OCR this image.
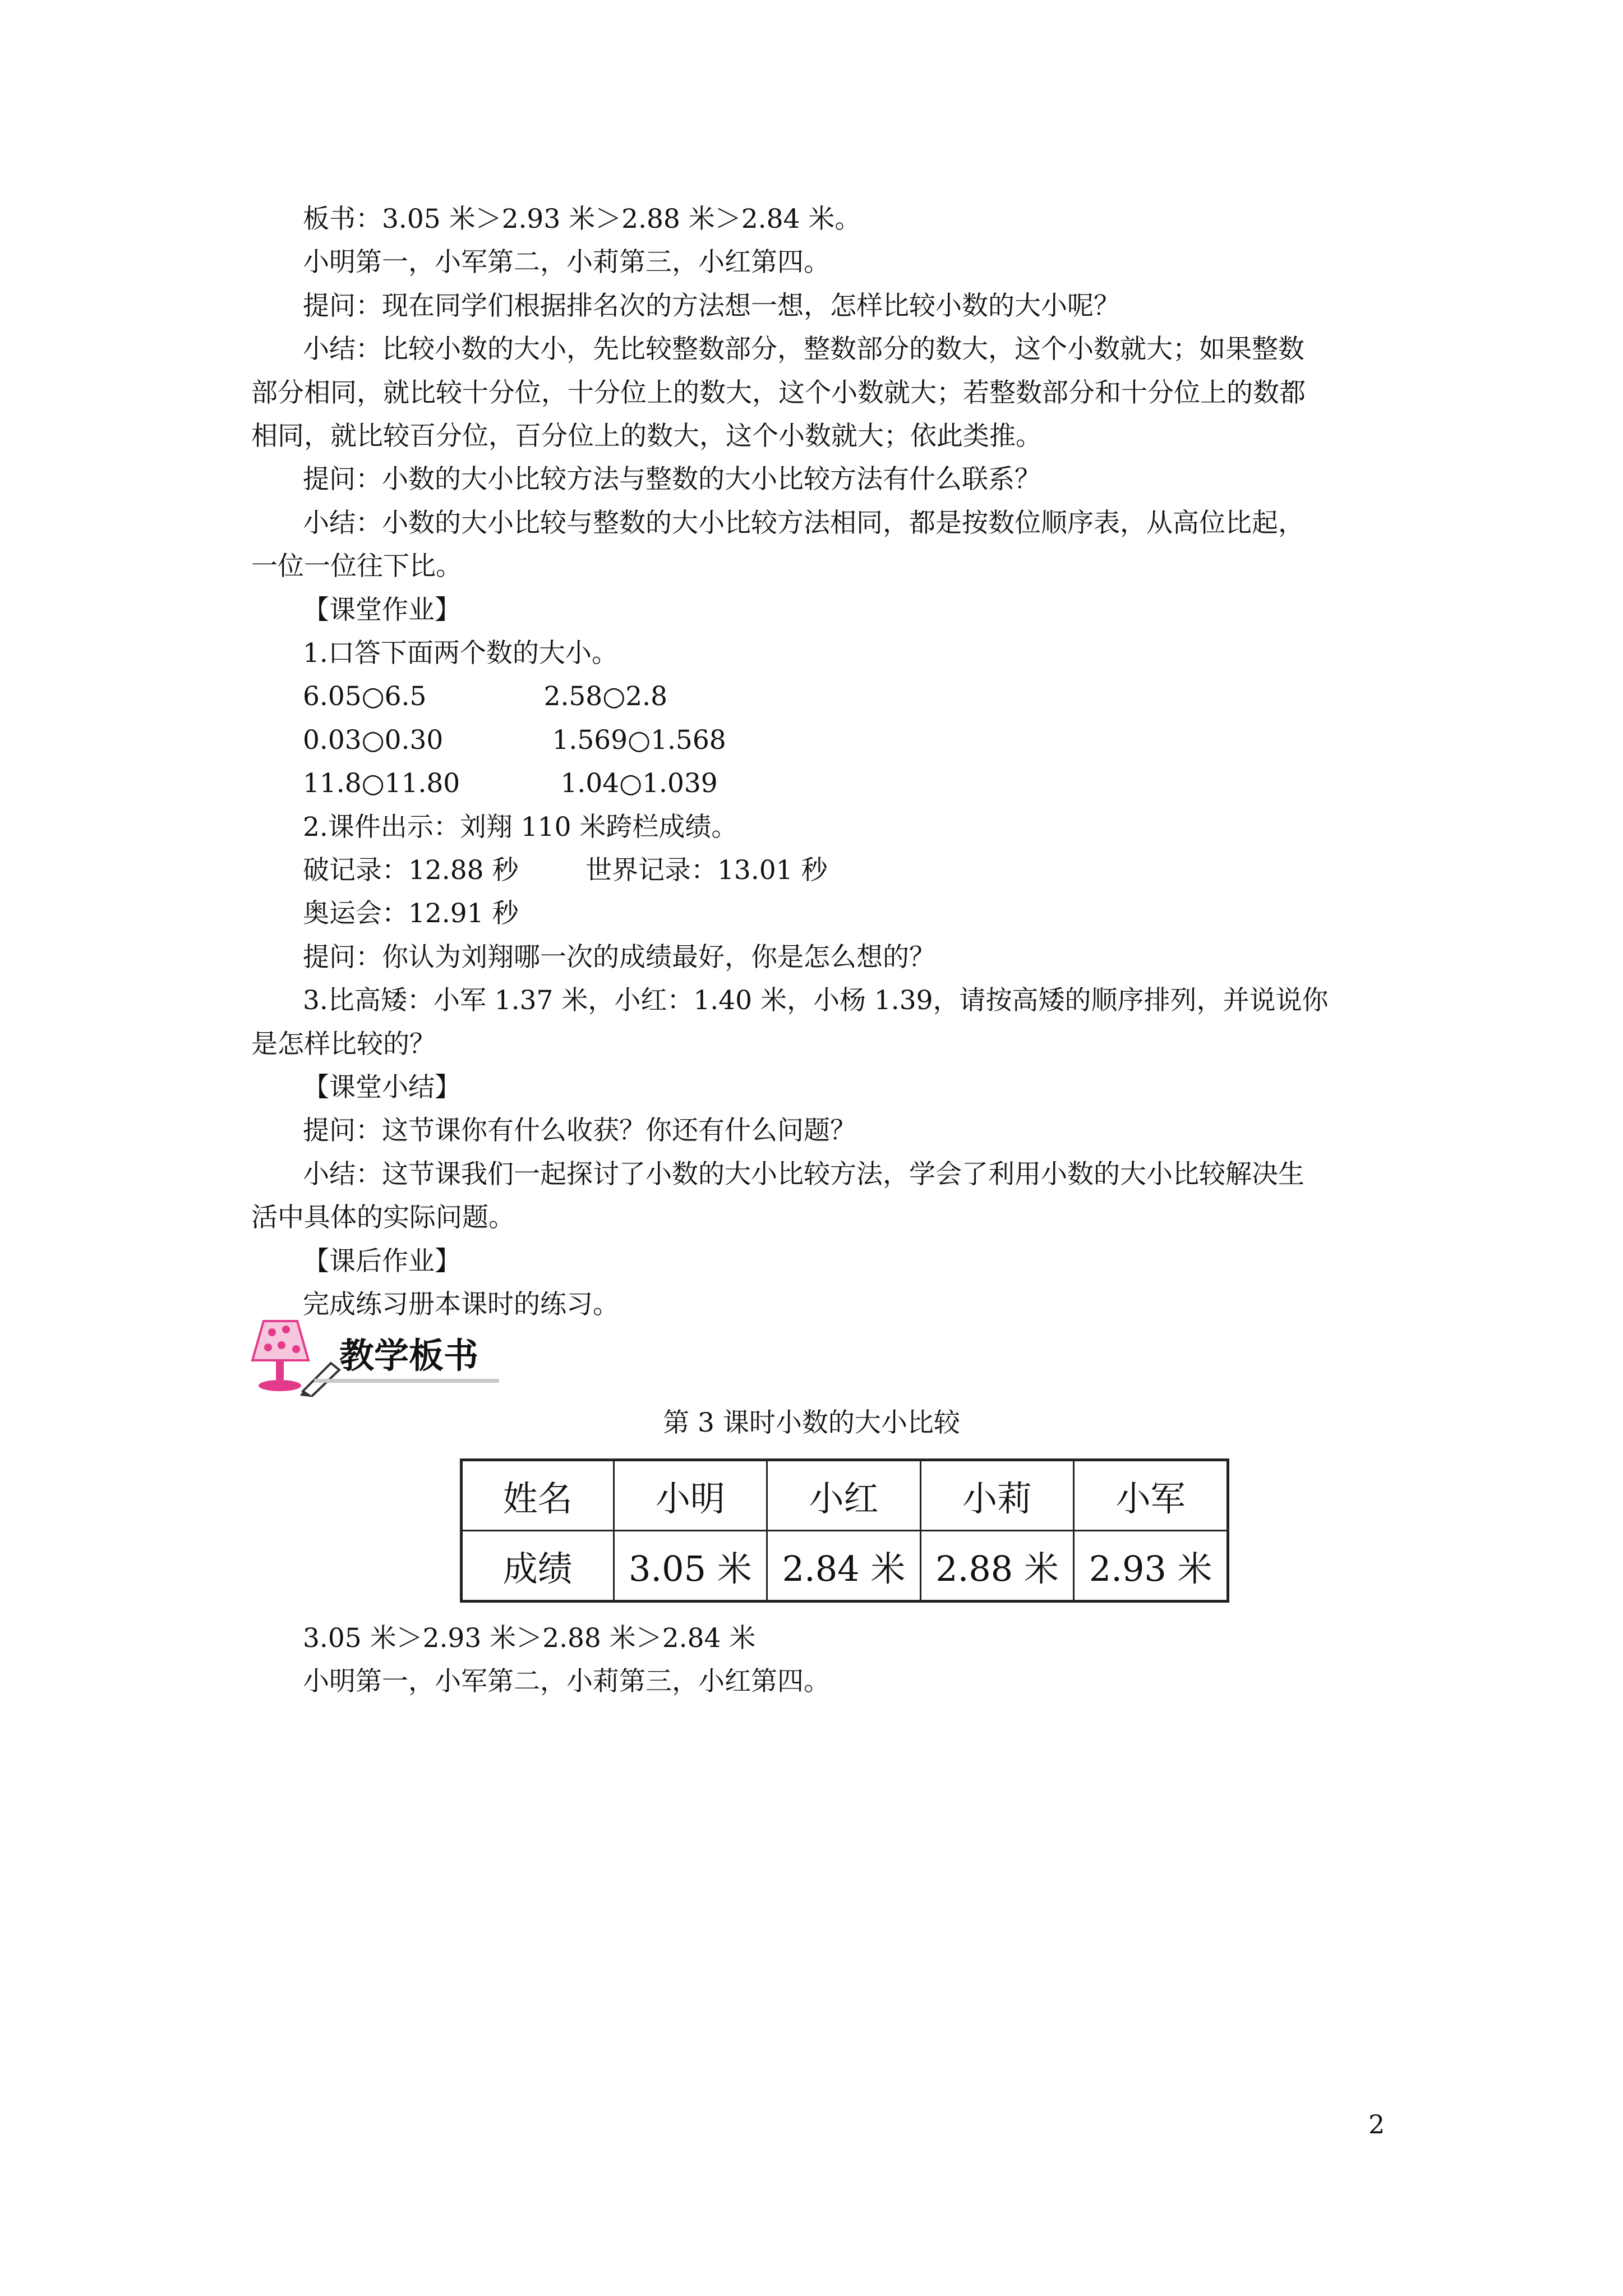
板书：3.05 米＞2.93 米＞2.88 米＞2.84 米。
小明第一，小军第二，小莉第三，小红第四。
提问：现在同学们根据排名次的方法想一想，怎样比较小数的大小呢？
小结：比较小数的大小，先比较整数部分，整数部分的数大，这个小数就大；如果整数
部分相同，就比较十分位，十分位上的数大，这个小数就大；若整数部分和十分位上的数都
相同，就比较百分位，百分位上的数大，这个小数就大；依此类推。
提问：小数的大小比较方法与整数的大小比较方法有什么联系？
小结：小数的大小比较与整数的大小比较方法相同，都是按数位顺序表，从高位比起，
一位一位往下比。
【课堂作业】
1.口答下面两个数的大小。
6.05○6.5              2.58○2.8
0.03○0.30             1.569○1.568
11.8○11.80            1.04○1.039
2.课件出示：刘翔 110 米跨栏成绩。
破记录：12.88 秒        世界记录：13.01 秒
奥运会：12.91 秒
提问：你认为刘翔哪一次的成绩最好，你是怎么想的？
3.比高矮：小军 1.37 米，小红：1.40 米，小杨 1.39，请按高矮的顺序排列，并说说你
是怎样比较的？
【课堂小结】
提问：这节课你有什么收获？你还有什么问题？
小结：这节课我们一起探讨了小数的大小比较方法，学会了利用小数的大小比较解决生
活中具体的实际问题。
【课后作业】
完成练习册本课时的练习。
教学板书
第 3 课时小数的大小比较
姓名	小明	小红	小莉	小军
成绩	3.05 米	2.84 米	2.88 米	2.93 米
3.05 米＞2.93 米＞2.88 米＞2.84 米
小明第一，小军第二，小莉第三，小红第四。
2
